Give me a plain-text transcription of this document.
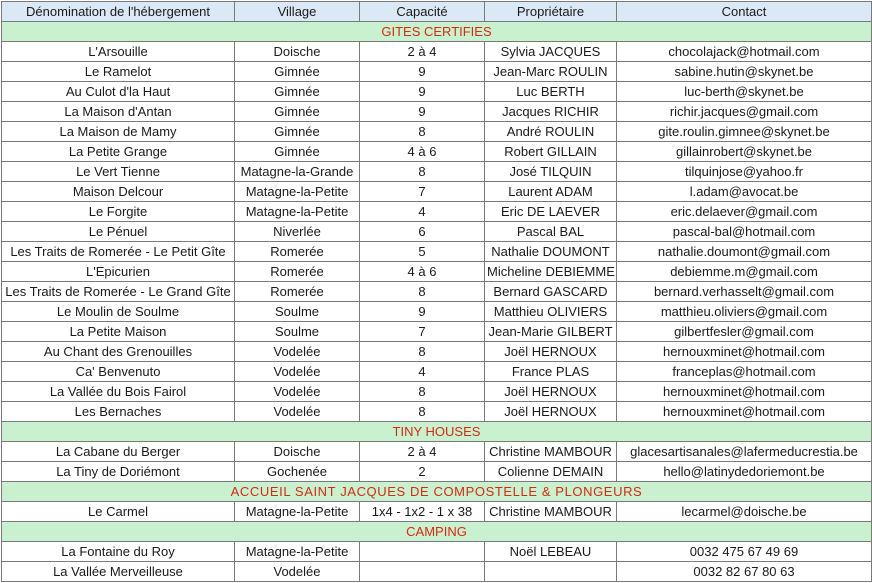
Dénomination de l'hébergement	Village	Capacité	Propriétaire	Contact
GITES CERTIFIES				
L'Arsouille	Doische	2 à 4	Sylvia JACQUES	chocolajack@hotmail.com
Le Ramelot	Gimnée	9	Jean-Marc ROULIN	sabine.hutin@skynet.be
Au Culot d'la Haut	Gimnée	9	Luc BERTH	luc-berth@skynet.be
La Maison d'Antan	Gimnée	9	Jacques RICHIR	richir.jacques@gmail.com
La Maison de Mamy	Gimnée	8	André ROULIN	gite.roulin.gimnee@skynet.be
La Petite Grange	Gimnée	4 à 6	Robert GILLAIN	gillainrobert@skynet.be
Le Vert Tienne	Matagne-la-Grande	8	José TILQUIN	tilquinjose@yahoo.fr
Maison Delcour	Matagne-la-Petite	7	Laurent ADAM	l.adam@avocat.be
Le Forgite	Matagne-la-Petite	4	Eric DE LAEVER	eric.delaever@gmail.com
Le Pénuel	Niverlée	6	Pascal BAL	pascal-bal@hotmail.com
Les Traits de Romerée - Le Petit Gîte	Romerée	5	Nathalie DOUMONT	nathalie.doumont@gmail.com
L'Epicurien	Romerée	4 à 6	Micheline DEBIEMME	debiemme.m@gmail.com
Les Traits de Romerée - Le Grand Gîte	Romerée	8	Bernard GASCARD	bernard.verhasselt@gmail.com
Le Moulin de Soulme	Soulme	9	Matthieu OLIVIERS	matthieu.oliviers@gmail.com
La Petite Maison	Soulme	7	Jean-Marie GILBERT	gilbertfesler@gmail.com
Au Chant des Grenouilles	Vodelée	8	Joël HERNOUX	hernouxminet@hotmail.com
Ca' Benvenuto	Vodelée	4	France PLAS	franceplas@hotmail.com
La Vallée du Bois Fairol	Vodelée	8	Joël HERNOUX	hernouxminet@hotmail.com
Les Bernaches	Vodelée	8	Joël HERNOUX	hernouxminet@hotmail.com
TINY HOUSES				
La Cabane du Berger	Doische	2 à 4	Christine MAMBOUR	glacesartisanales@lafermeducrestia.be
La Tiny de Doriémont	Gochenée	2	Colienne DEMAIN	hello@latinydedoriemont.be
ACCUEIL SAINT JACQUES DE COMPOSTELLE & PLONGEURS				
Le Carmel	Matagne-la-Petite	1x4 - 1x2 - 1 x 38	Christine MAMBOUR	lecarmel@doische.be
CAMPING				
La Fontaine du Roy	Matagne-la-Petite		Noël LEBEAU	0032 475 67 49 69
La Vallée Merveilleuse	Vodelée			0032 82 67 80 63
